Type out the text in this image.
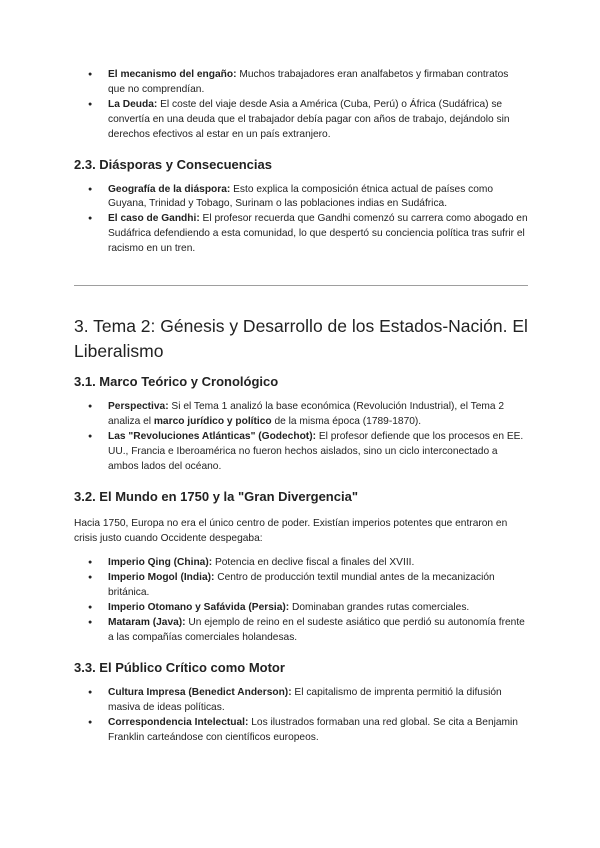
● El mecanismo del engaño: Muchos trabajadores eran analfabetos y firmaban contratos que no comprendían.
● La Deuda: El coste del viaje desde Asia a América (Cuba, Perú) o África (Sudáfrica) se convertía en una deuda que el trabajador debía pagar con años de trabajo, dejándolo sin derechos efectivos al estar en un país extranjero.
2.3. Diásporas y Consecuencias
● Geografía de la diáspora: Esto explica la composición étnica actual de países como Guyana, Trinidad y Tobago, Surinam o las poblaciones indias en Sudáfrica.
● El caso de Gandhi: El profesor recuerda que Gandhi comenzó su carrera como abogado en Sudáfrica defendiendo a esta comunidad, lo que despertó su conciencia política tras sufrir el racismo en un tren.
3. Tema 2: Génesis y Desarrollo de los Estados-Nación. El Liberalismo
3.1. Marco Teórico y Cronológico
● Perspectiva: Si el Tema 1 analizó la base económica (Revolución Industrial), el Tema 2 analiza el marco jurídico y político de la misma época (1789-1870).
● Las "Revoluciones Atlánticas" (Godechot): El profesor defiende que los procesos en EE. UU., Francia e Iberoamérica no fueron hechos aislados, sino un ciclo interconectado a ambos lados del océano.
3.2. El Mundo en 1750 y la "Gran Divergencia"

Hacia 1750, Europa no era el único centro de poder. Existían imperios potentes que entraron en crisis justo cuando Occidente despegaba:

● Imperio Qing (China): Potencia en declive fiscal a finales del XVIII.
● Imperio Mogol (India): Centro de producción textil mundial antes de la mecanización británica.
● Imperio Otomano y Safávida (Persia): Dominaban grandes rutas comerciales.
● Mataram (Java): Un ejemplo de reino en el sudeste asiático que perdió su autonomía frente a las compañías comerciales holandesas.
3.3. El Público Crítico como Motor
● Cultura Impresa (Benedict Anderson): El capitalismo de imprenta permitió la difusión masiva de ideas políticas.
● Correspondencia Intelectual: Los ilustrados formaban una red global. Se cita a Benjamin Franklin carteándose con científicos europeos.
